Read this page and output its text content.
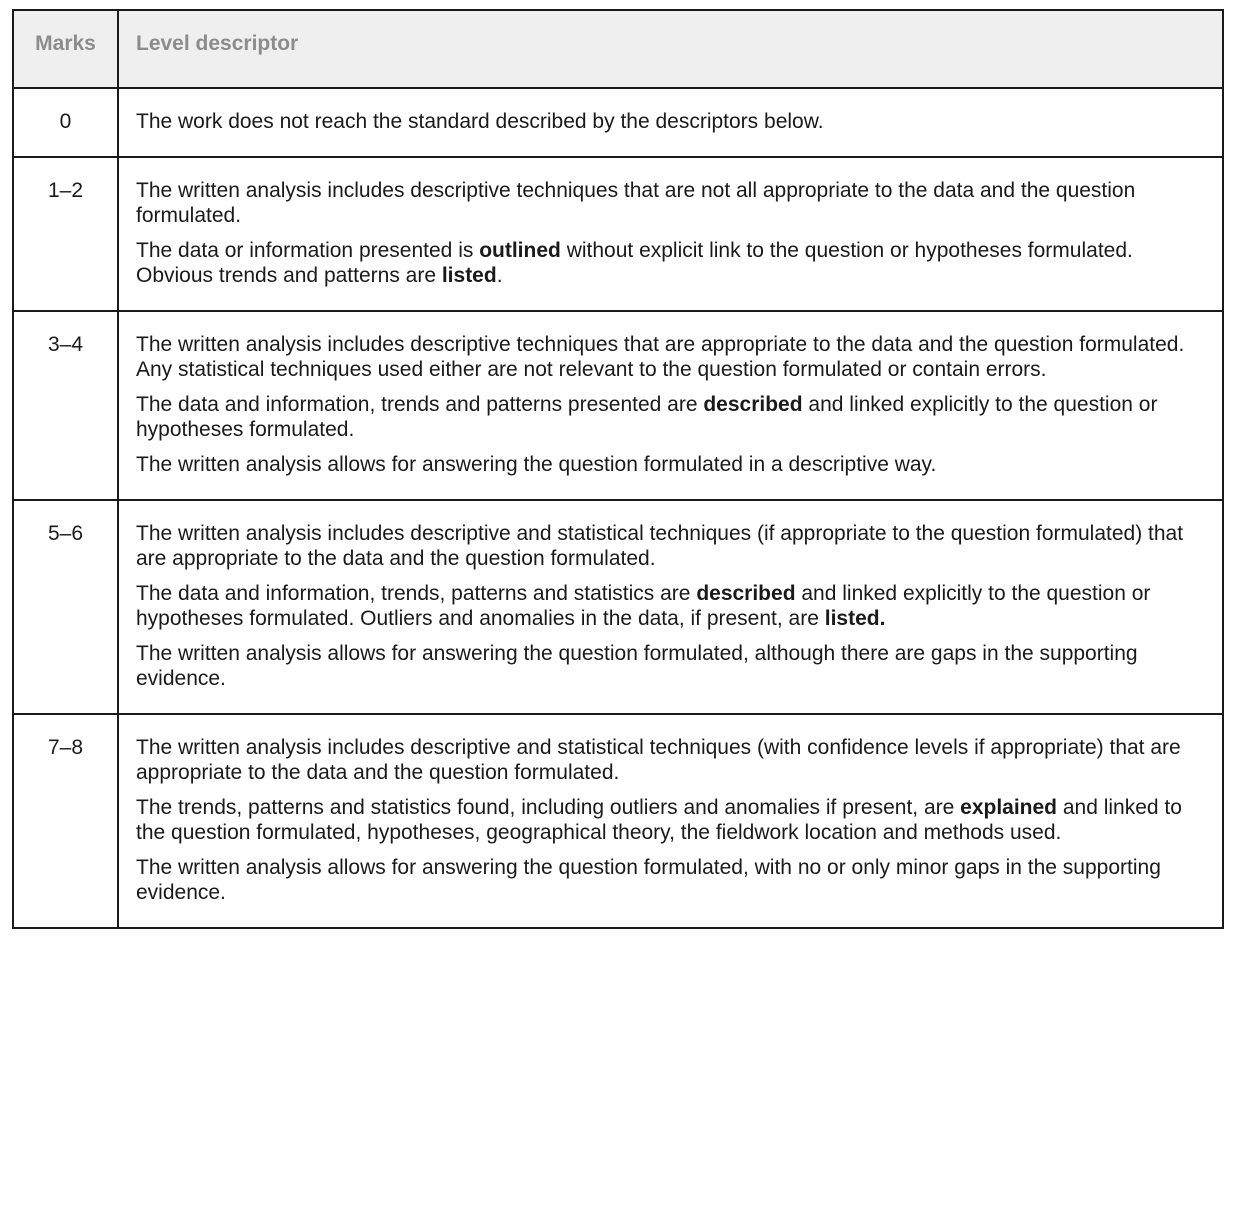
Marks	Level descriptor
0	The work does not reach the standard described by the descriptors below.

1–2	The written analysis includes descriptive techniques that are not all appropriate to the data and the question formulated.

The data or information presented is outlined without explicit link to the question or hypotheses formulated. Obvious trends and patterns are listed.

3–4	The written analysis includes descriptive techniques that are appropriate to the data and the question formulated. Any statistical techniques used either are not relevant to the question formulated or contain errors.

The data and information, trends and patterns presented are described and linked explicitly to the question or hypotheses formulated.

The written analysis allows for answering the question formulated in a descriptive way.

5–6	The written analysis includes descriptive and statistical techniques (if appropriate to the question formulated) that are appropriate to the data and the question formulated.

The data and information, trends, patterns and statistics are described and linked explicitly to the question or hypotheses formulated. Outliers and anomalies in the data, if present, are listed.

The written analysis allows for answering the question formulated, although there are gaps in the supporting evidence.

7–8	The written analysis includes descriptive and statistical techniques (with confidence levels if appropriate) that are appropriate to the data and the question formulated.

The trends, patterns and statistics found, including outliers and anomalies if present, are explained and linked to the question formulated, hypotheses, geographical theory, the fieldwork location and methods used.

The written analysis allows for answering the question formulated, with no or only minor gaps in the supporting evidence.
